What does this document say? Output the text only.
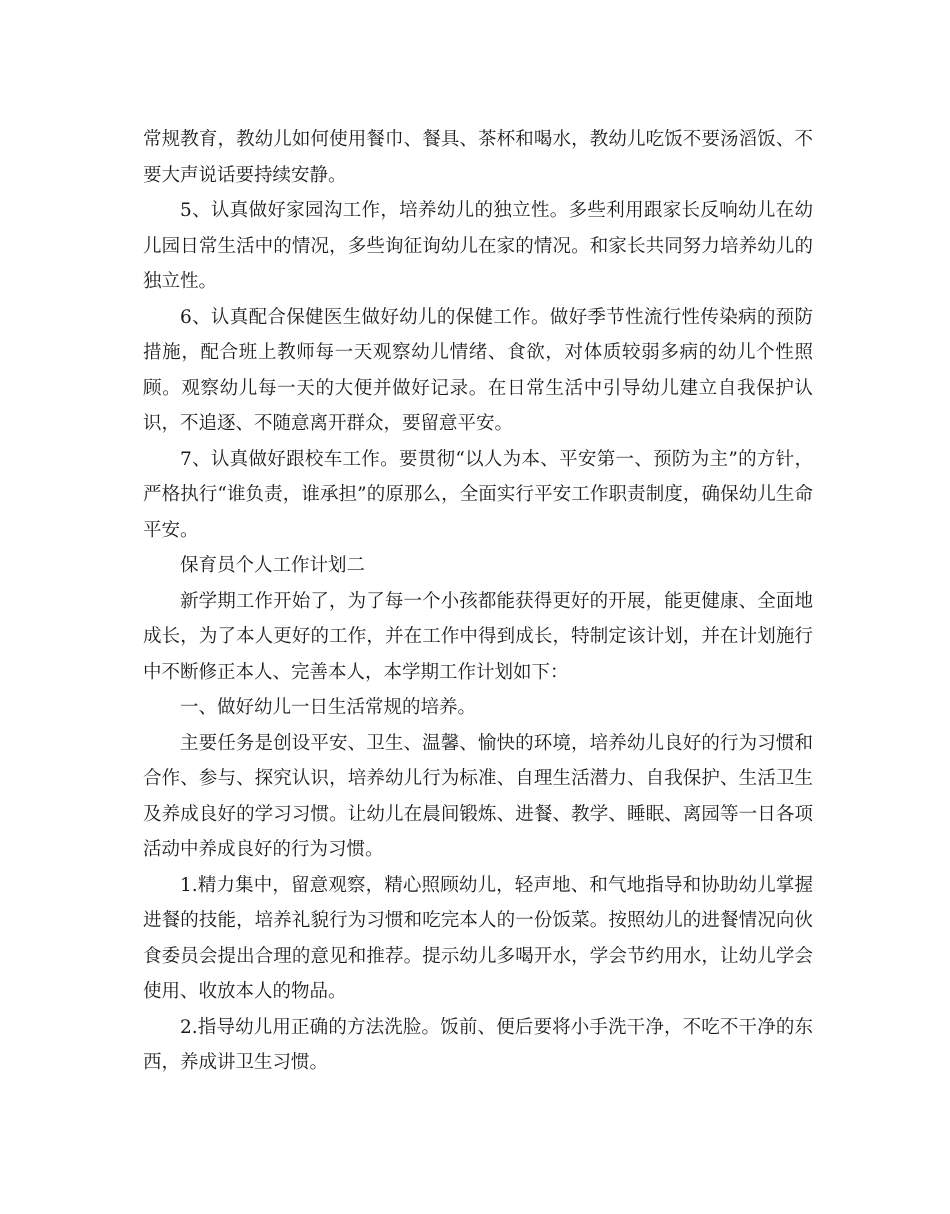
常规教育，教幼儿如何使用餐巾、餐具、茶杯和喝水，教幼儿吃饭不要汤滔饭、不要大声说话要持续安静。

5、认真做好家园沟工作，培养幼儿的独立性。多些利用跟家长反响幼儿在幼儿园日常生活中的情况，多些询征询幼儿在家的情况。和家长共同努力培养幼儿的独立性。

6、认真配合保健医生做好幼儿的保健工作。做好季节性流行性传染病的预防措施，配合班上教师每一天观察幼儿情绪、食欲，对体质较弱多病的幼儿个性照顾。观察幼儿每一天的大便并做好记录。在日常生活中引导幼儿建立自我保护认识，不追逐、不随意离开群众，要留意平安。

7、认真做好跟校车工作。要贯彻“以人为本、平安第一、预防为主”的方针，严格执行“谁负责，谁承担”的原那么，全面实行平安工作职责制度，确保幼儿生命平安。

保育员个人工作计划二

新学期工作开始了，为了每一个小孩都能获得更好的开展，能更健康、全面地成长，为了本人更好的工作，并在工作中得到成长，特制定该计划，并在计划施行中不断修正本人、完善本人，本学期工作计划如下：

一、做好幼儿一日生活常规的培养。

主要任务是创设平安、卫生、温馨、愉快的环境，培养幼儿良好的行为习惯和合作、参与、探究认识，培养幼儿行为标准、自理生活潜力、自我保护、生活卫生及养成良好的学习习惯。让幼儿在晨间锻炼、进餐、教学、睡眠、离园等一日各项活动中养成良好的行为习惯。

1.精力集中，留意观察，精心照顾幼儿，轻声地、和气地指导和协助幼儿掌握进餐的技能，培养礼貌行为习惯和吃完本人的一份饭菜。按照幼儿的进餐情况向伙食委员会提出合理的意见和推荐。提示幼儿多喝开水，学会节约用水，让幼儿学会使用、收放本人的物品。

2.指导幼儿用正确的方法洗脸。饭前、便后要将小手洗干净，不吃不干净的东西，养成讲卫生习惯。
